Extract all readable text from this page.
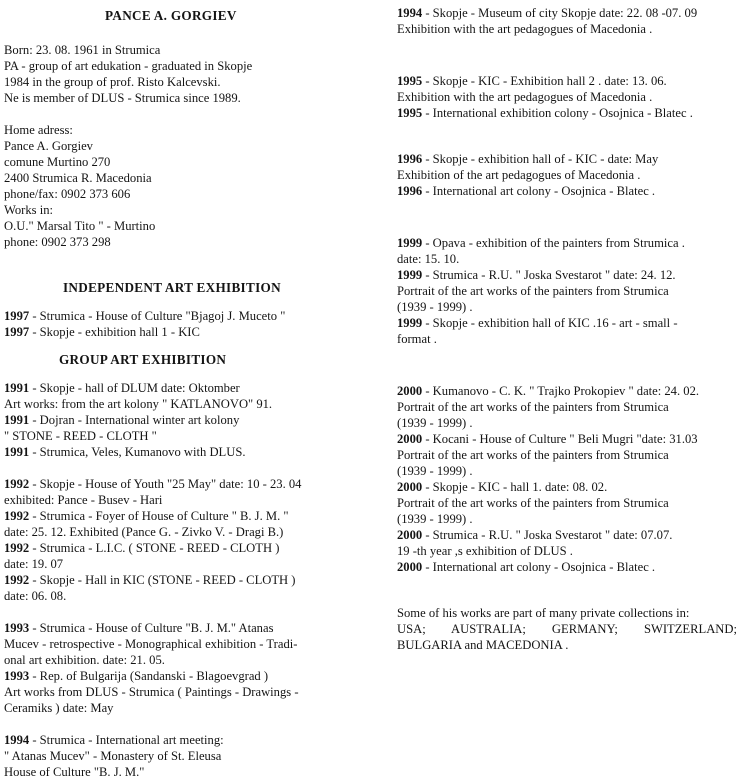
PANCE A. GORGIEV

Born: 23. 08. 1961 in Strumica

PA - group of art edukation - graduated in Skopje

1984 in the group of prof. Risto Kalcevski.

Ne is member of DLUS - Strumica since 1989.

Home adress:

Pance A. Gorgiev

comune Murtino 270

2400 Strumica R. Macedonia

phone/fax: 0902 373 606

Works in:

O.U." Marsal Tito " - Murtino

phone: 0902 373 298

INDEPENDENT ART EXHIBITION

1997 - Strumica - House of Culture "Bjagoj J. Muceto "

1997 - Skopje - exhibition hall 1 - KIC

GROUP ART EXHIBITION

1991 - Skopje - hall of DLUM date: Oktomber

Art works: from the art kolony " KATLANOVO" 91.

1991 - Dojran - International winter art kolony

" STONE - REED - CLOTH "

1991 - Strumica, Veles, Kumanovo with DLUS.

1992 - Skopje - House of Youth "25 May" date: 10 - 23. 04

exhibited: Pance - Busev - Hari

1992 - Strumica - Foyer of House of Culture " B. J. M. "

date: 25. 12. Exhibited (Pance G. - Zivko V. - Dragi B.)

1992 - Strumica - L.I.C. ( STONE - REED - CLOTH )

date: 19. 07

1992 - Skopje - Hall in KIC (STONE - REED - CLOTH )

date: 06. 08.

1993 - Strumica - House of Culture "B. J. M." Atanas

Mucev - retrospective - Monographical exhibition - Tradi-

onal art exhibition. date: 21. 05.

1993 - Rep. of Bulgarija (Sandanski - Blagoevgrad )

Art works from DLUS - Strumica ( Paintings - Drawings -

Ceramiks ) date: May

1994 - Strumica - International art meeting:

" Atanas Mucev" - Monastery of St. Eleusa

House of Culture "B. J. M."

1994 - Skopje - Museum of city Skopje date: 22. 08 -07. 09

Exhibition with the art pedagogues of Macedonia .

1995 - Skopje - KIC - Exhibition hall 2 . date: 13. 06.

Exhibition with the art pedagogues of Macedonia .

1995 - International exhibition colony - Osojnica - Blatec .

1996 - Skopje - exhibition hall of - KIC - date: May

Exhibition of the art pedagogues of Macedonia .

1996 - International art colony - Osojnica - Blatec .

1999 - Opava - exhibition of the painters from Strumica .

date: 15. 10.

1999 - Strumica - R.U. " Joska Svestarot " date: 24. 12.

Portrait of the art works of the painters from Strumica

(1939 - 1999) .

1999 - Skopje - exhibition hall of KIC .16 - art - small -

format .

2000 - Kumanovo - C. K. " Trajko Prokopiev " date: 24. 02.

Portrait of the art works of the painters from Strumica

(1939 - 1999) .

2000 - Kocani - House of Culture " Beli Mugri "date: 31.03

Portrait of the art works of the painters from Strumica

(1939 - 1999) .

2000 - Skopje - KIC - hall 1. date: 08. 02.

Portrait of the art works of the painters from Strumica

(1939 - 1999) .

2000 - Strumica - R.U. " Joska Svestarot " date: 07.07.

19 -th year ,s exhibition of DLUS .

2000 - International art colony - Osojnica - Blatec .

Some of his works are part of many private collections in:

USA; AUSTRALIA; GERMANY; SWITZERLAND;

BULGARIA and MACEDONIA .
